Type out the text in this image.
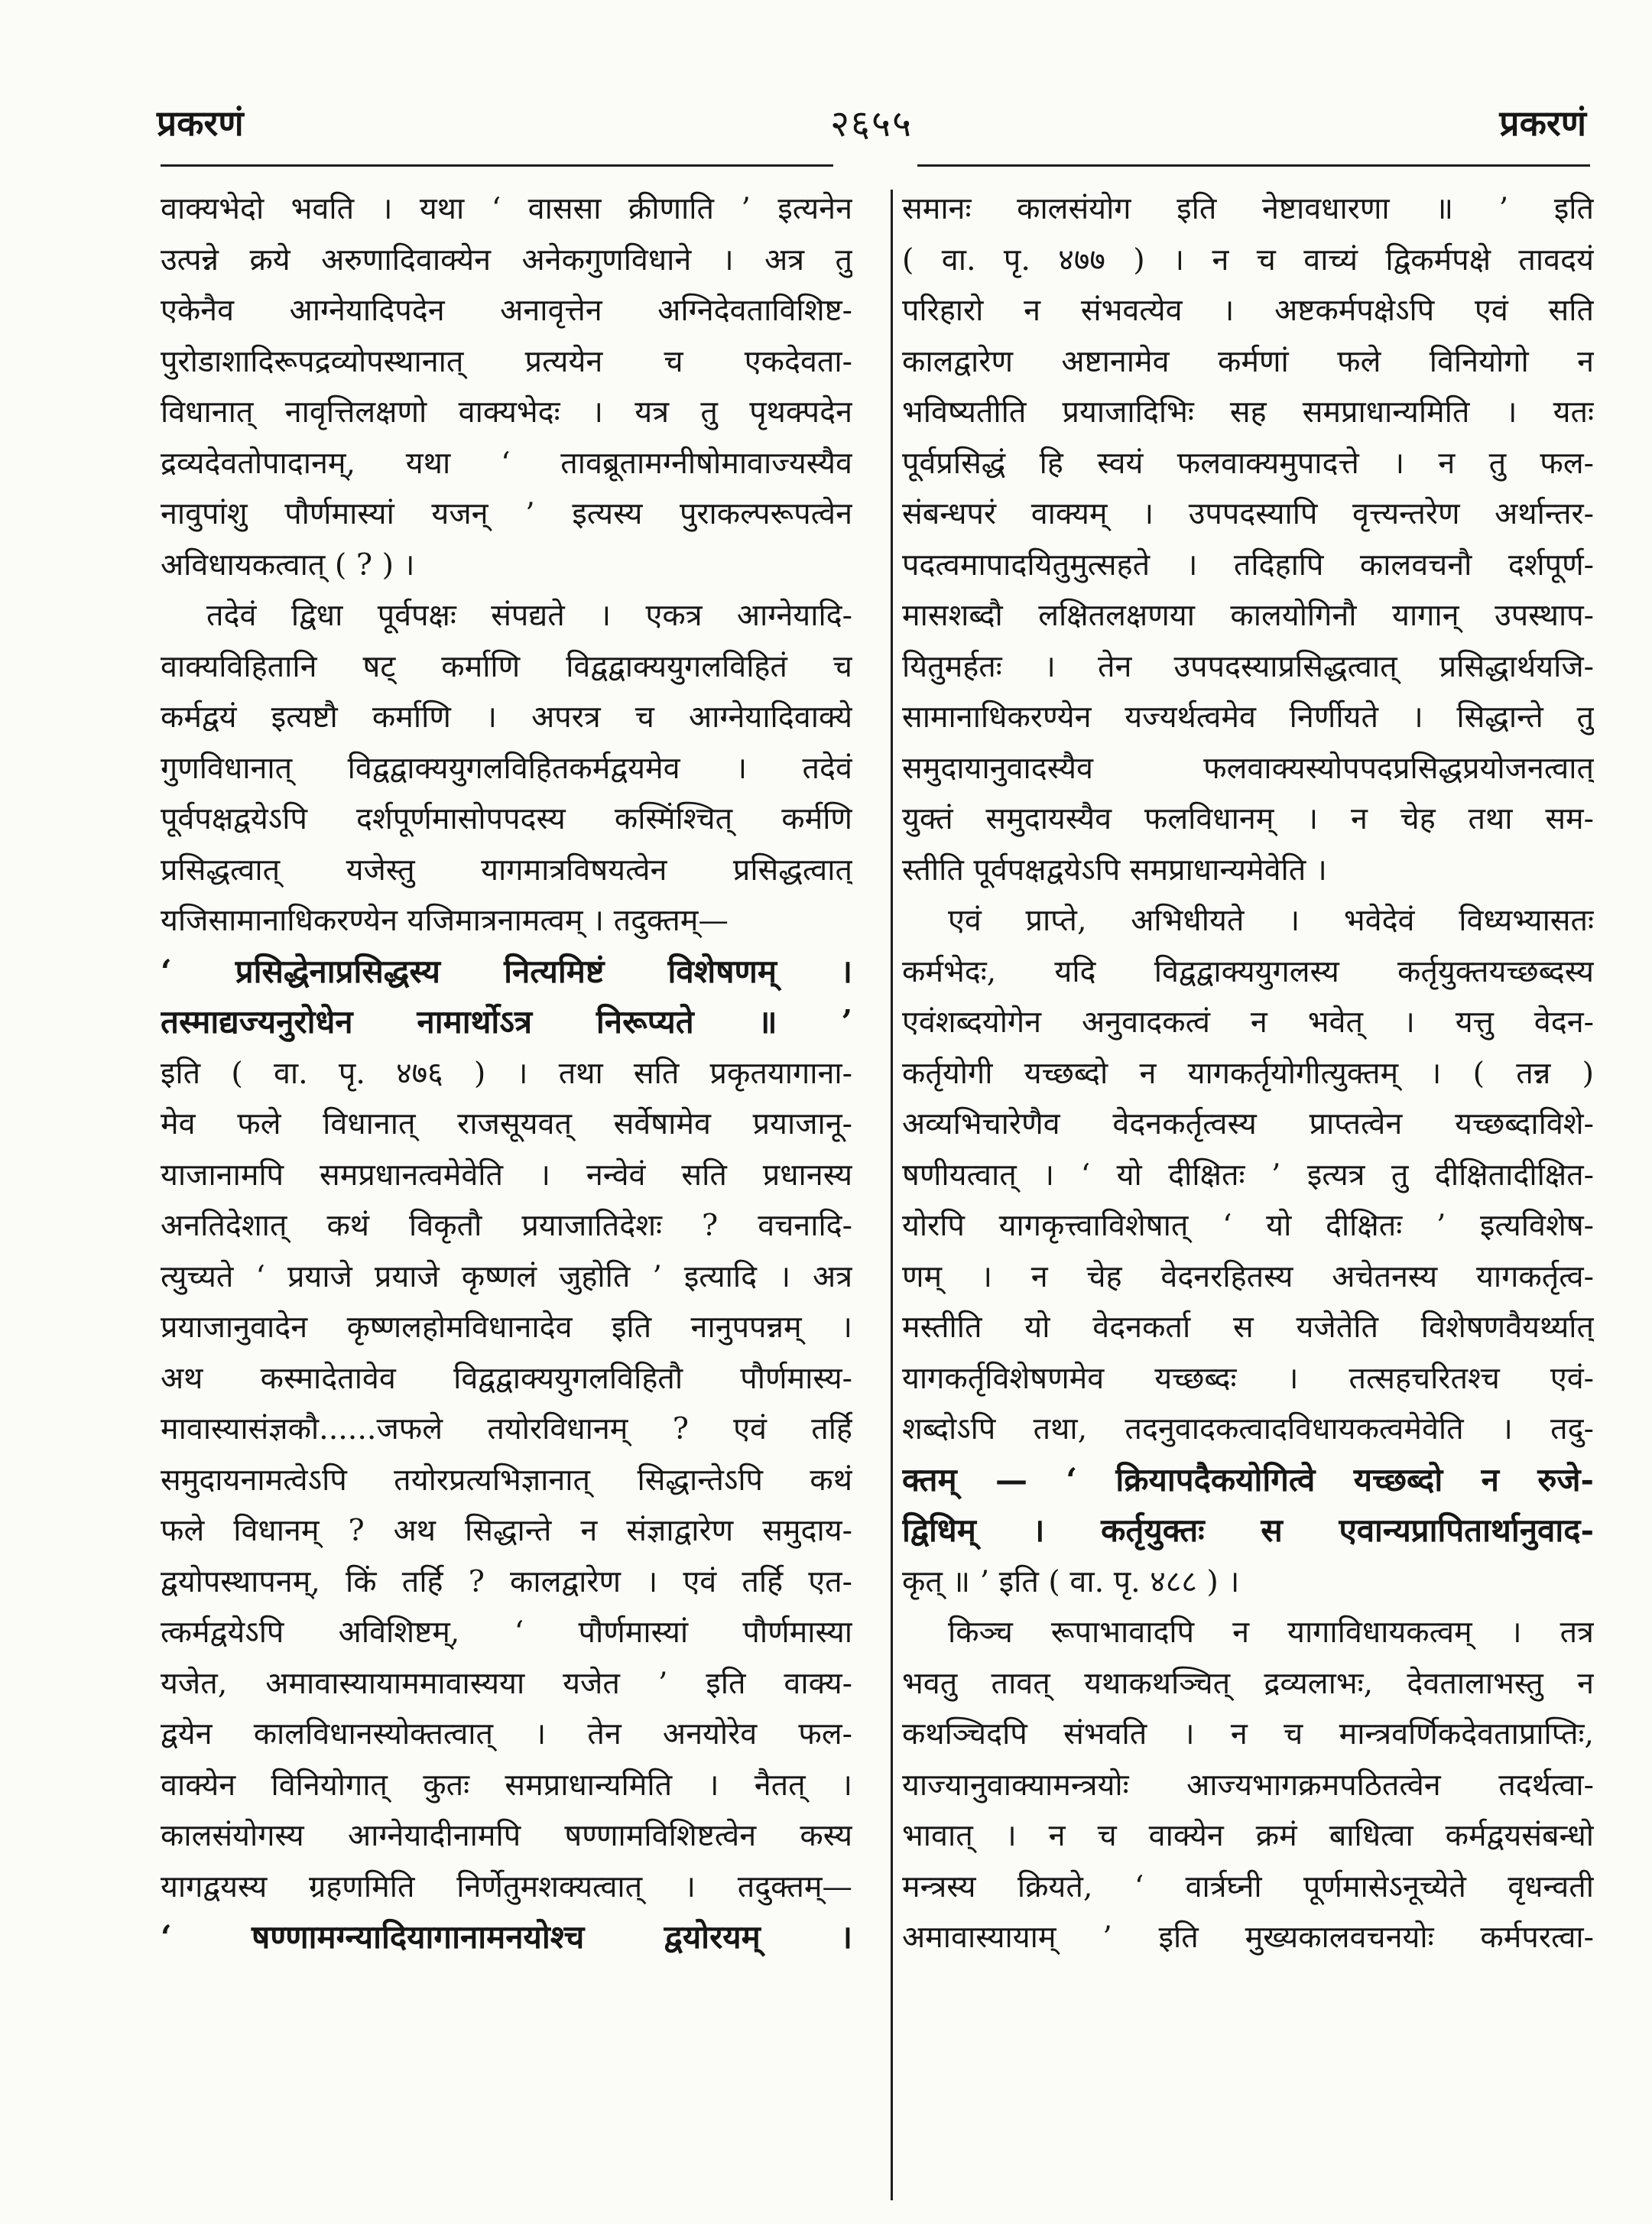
प्रकरणं	२६५५	प्रकरणं
वाक्यभेदो भवति । यथा ‘ वाससा क्रीणाति ’ इत्यनेन
उत्पन्ने क्रये अरुणादिवाक्येन अनेकगुणविधाने । अत्र तु
एकेनैव आग्नेयादिपदेन अनावृत्तेन अग्निदेवताविशिष्ट-
पुरोडाशादिरूपद्रव्योपस्थानात् प्रत्ययेन च एकदेवता-
विधानात् नावृत्तिलक्षणो वाक्यभेदः । यत्र तु पृथक्पदेन
द्रव्यदेवतोपादानम्, यथा ‘ तावब्रूतामग्नीषोमावाज्यस्यैव
नावुपांशु पौर्णमास्यां यजन् ’ इत्यस्य पुराकल्परूपत्वेन
अविधायकत्वात् ( ? ) ।
तदेवं द्विधा पूर्वपक्षः संपद्यते । एकत्र आग्नेयादि-
वाक्यविहितानि षट् कर्माणि विद्वद्वाक्ययुगलविहितं च
कर्मद्वयं इत्यष्टौ कर्माणि । अपरत्र च आग्नेयादिवाक्ये
गुणविधानात् विद्वद्वाक्ययुगलविहितकर्मद्वयमेव । तदेवं
पूर्वपक्षद्वयेऽपि दर्शपूर्णमासोपपदस्य कस्मिंश्चित् कर्मणि
प्रसिद्धत्वात् यजेस्तु यागमात्रविषयत्वेन प्रसिद्धत्वात्
यजिसामानाधिकरण्येन यजिमात्रनामत्वम् । तदुक्तम्—
‘ प्रसिद्धेनाप्रसिद्धस्य नित्यमिष्टं विशेषणम् ।
तस्माद्यज्यनुरोधेन नामार्थोऽत्र निरूप्यते ॥ ’
इति ( वा. पृ. ४७६ ) । तथा सति प्रकृतयागाना-
मेव फले विधानात् राजसूयवत् सर्वेषामेव प्रयाजानू-
याजानामपि समप्रधानत्वमेवेति । नन्वेवं सति प्रधानस्य
अनतिदेशात् कथं विकृतौ प्रयाजातिदेशः ? वचनादि-
त्युच्यते ‘ प्रयाजे प्रयाजे कृष्णलं जुहोति ’ इत्यादि । अत्र
प्रयाजानुवादेन कृष्णलहोमविधानादेव इति नानुपपन्नम् ।
अथ कस्मादेतावेव विद्वद्वाक्ययुगलविहितौ पौर्णमास्य-
मावास्यासंज्ञकौ......जफले तयोरविधानम् ? एवं तर्हि
समुदायनामत्वेऽपि तयोरप्रत्यभिज्ञानात् सिद्धान्तेऽपि कथं
फले विधानम् ? अथ सिद्धान्ते न संज्ञाद्वारेण समुदाय-
द्वयोपस्थापनम्, किं तर्हि ? कालद्वारेण । एवं तर्हि एत-
त्कर्मद्वयेऽपि अविशिष्टम्, ‘ पौर्णमास्यां पौर्णमास्या
यजेत, अमावास्यायाममावास्यया यजेत ’ इति वाक्य-
द्वयेन कालविधानस्योक्तत्वात् । तेन अनयोरेव फल-
वाक्येन विनियोगात् कुतः समप्राधान्यमिति । नैतत् ।
कालसंयोगस्य आग्नेयादीनामपि षण्णामविशिष्टत्वेन कस्य
यागद्वयस्य ग्रहणमिति निर्णेतुमशक्यत्वात् । तदुक्तम्—
‘ षण्णामग्न्यादियागानामनयोश्च द्वयोरयम् ।
समानः कालसंयोग इति नेष्टावधारणा ॥ ’ इति
( वा. पृ. ४७७ ) । न च वाच्यं द्विकर्मपक्षे तावदयं
परिहारो न संभवत्येव । अष्टकर्मपक्षेऽपि एवं सति
कालद्वारेण अष्टानामेव कर्मणां फले विनियोगो न
भविष्यतीति प्रयाजादिभिः सह समप्राधान्यमिति । यतः
पूर्वप्रसिद्धं हि स्वयं फलवाक्यमुपादत्ते । न तु फल-
संबन्धपरं वाक्यम् । उपपदस्यापि वृत्त्यन्तरेण अर्थान्तर-
पदत्वमापादयितुमुत्सहते । तदिहापि कालवचनौ दर्शपूर्ण-
मासशब्दौ लक्षितलक्षणया कालयोगिनौ यागान् उपस्थाप-
यितुमर्हतः । तेन उपपदस्याप्रसिद्धत्वात् प्रसिद्धार्थयजि-
सामानाधिकरण्येन यज्यर्थत्वमेव निर्णीयते । सिद्धान्ते तु
समुदायानुवादस्यैव फलवाक्यस्योपपदप्रसिद्धप्रयोजनत्वात्
युक्तं समुदायस्यैव फलविधानम् । न चेह तथा सम-
स्तीति पूर्वपक्षद्वयेऽपि समप्राधान्यमेवेति ।
एवं प्राप्ते, अभिधीयते । भवेदेवं विध्यभ्यासतः
कर्मभेदः, यदि विद्वद्वाक्ययुगलस्य कर्तृयुक्तयच्छब्दस्य
एवंशब्दयोगेन अनुवादकत्वं न भवेत् । यत्तु वेदन-
कर्तृयोगी यच्छब्दो न यागकर्तृयोगीत्युक्तम् । ( तन्न )
अव्यभिचारेणैव वेदनकर्तृत्वस्य प्राप्तत्वेन यच्छब्दाविशे-
षणीयत्वात् । ‘ यो दीक्षितः ’ इत्यत्र तु दीक्षितादीक्षित-
योरपि यागकृत्त्वाविशेषात् ‘ यो दीक्षितः ’ इत्यविशेष-
णम् । न चेह वेदनरहितस्य अचेतनस्य यागकर्तृत्व-
मस्तीति यो वेदनकर्ता स यजेतेति विशेषणवैयर्थ्यात्
यागकर्तृविशेषणमेव यच्छब्दः । तत्सहचरितश्च एवं-
शब्दोऽपि तथा, तदनुवादकत्वादविधायकत्वमेवेति । तदु-
क्तम् — ‘ क्रियापदैकयोगित्वे यच्छब्दो न रुजे-
द्विधिम् । कर्तृयुक्तः स एवान्यप्रापितार्थानुवाद-
कृत् ॥ ’ इति ( वा. पृ. ४८८ ) ।
किञ्च रूपाभावादपि न यागाविधायकत्वम् । तत्र
भवतु तावत् यथाकथञ्चित् द्रव्यलाभः, देवतालाभस्तु न
कथञ्चिदपि संभवति । न च मान्त्रवर्णिकदेवताप्राप्तिः,
याज्यानुवाक्यामन्त्रयोः आज्यभागक्रमपठितत्वेन तदर्थत्वा-
भावात् । न च वाक्येन क्रमं बाधित्वा कर्मद्वयसंबन्धो
मन्त्रस्य क्रियते, ‘ वार्त्रघ्नी पूर्णमासेऽनूच्येते वृधन्वती
अमावास्यायाम् ’ इति मुख्यकालवचनयोः कर्मपरत्वा-
